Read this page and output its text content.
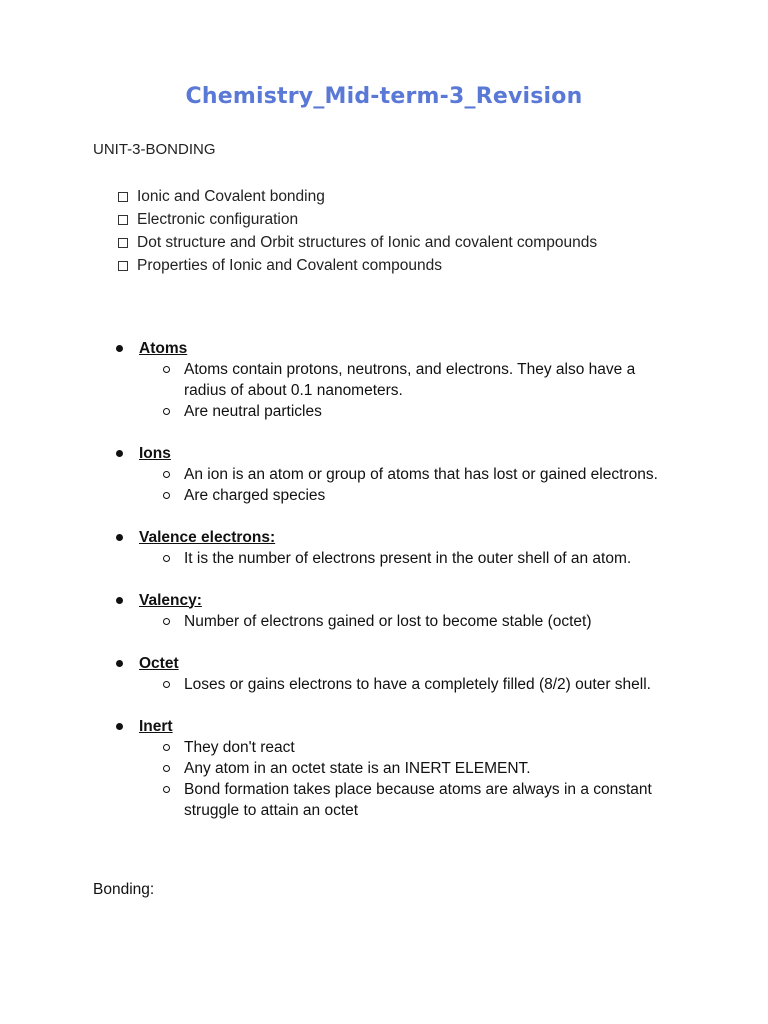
Chemistry_Mid-term-3_Revision
UNIT-3-BONDING
Ionic and Covalent bonding
Electronic configuration
Dot structure and Orbit structures of Ionic and covalent compounds
Properties of Ionic and Covalent compounds
Atoms
Atoms contain protons, neutrons, and electrons. They also have a radius of about 0.1 nanometers.
Are neutral particles
Ions
An ion is an atom or group of atoms that has lost or gained electrons.
Are charged species
Valence electrons:
It is the number of electrons present in the outer shell of an atom.
Valency:
Number of electrons gained or lost to become stable (octet)
Octet
Loses or gains electrons to have a completely filled (8/2) outer shell.
Inert
They don't react
Any atom in an octet state is an INERT ELEMENT.
Bond formation takes place because atoms are always in a constant struggle to attain an octet
Bonding:
